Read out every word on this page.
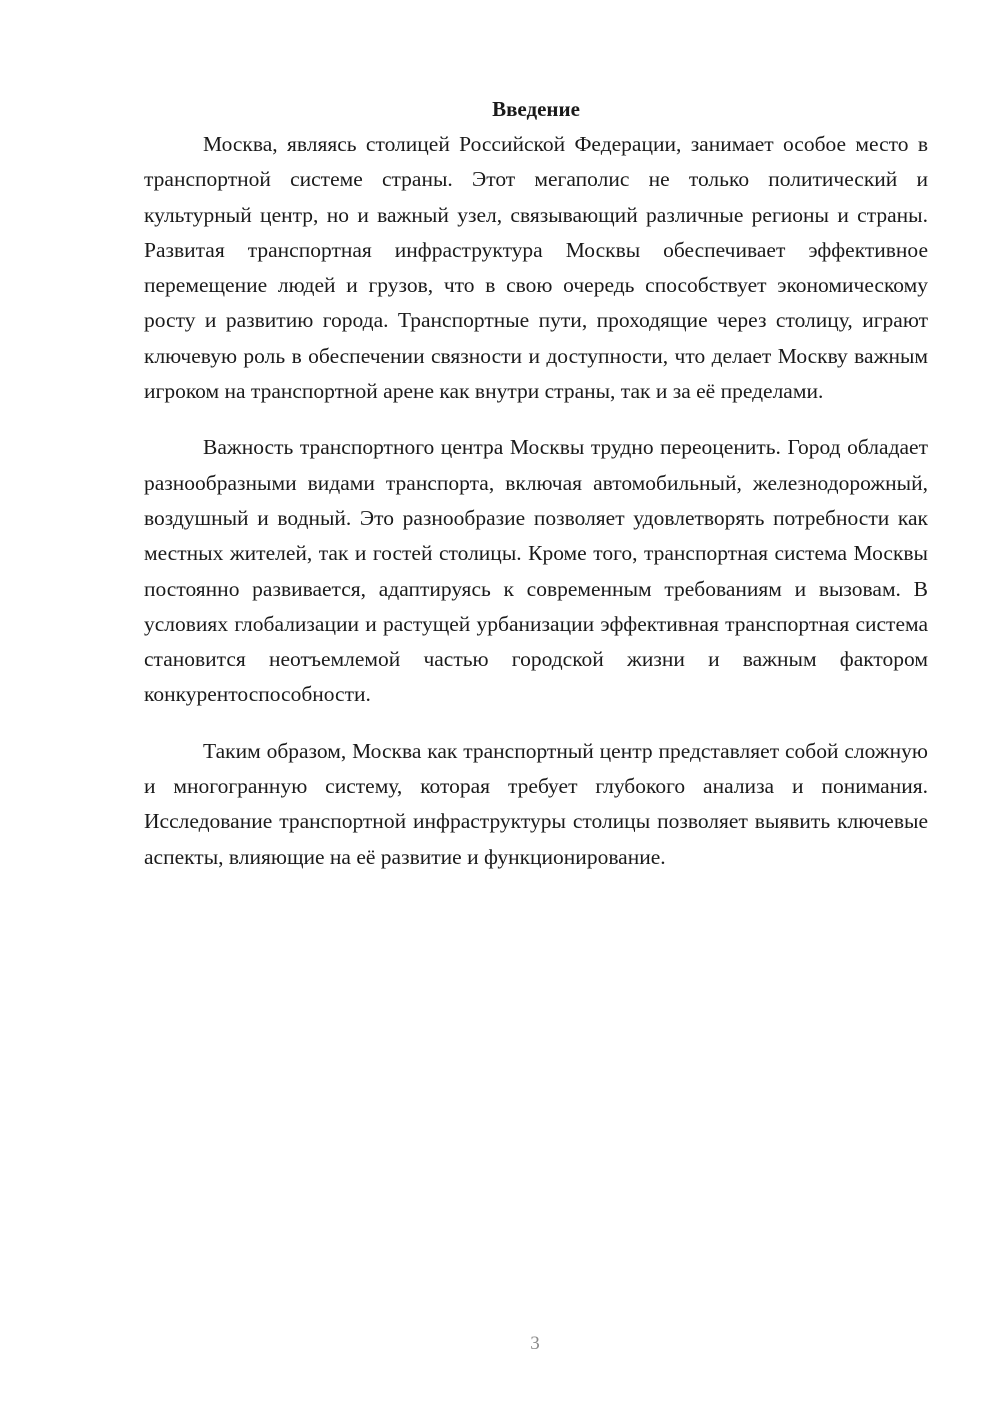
Введение

Москва, являясь столицей Российской Федерации, занимает особое место в транспортной системе страны. Этот мегаполис не только политический и культурный центр, но и важный узел, связывающий различные регионы и страны. Развитая транспортная инфраструктура Москвы обеспечивает эффективное перемещение людей и грузов, что в свою очередь способствует экономическому росту и развитию города. Транспортные пути, проходящие через столицу, играют ключевую роль в обеспечении связности и доступности, что делает Москву важным игроком на транспортной арене как внутри страны, так и за её пределами.

Важность транспортного центра Москвы трудно переоценить. Город обладает разнообразными видами транспорта, включая автомобильный, железнодорожный, воздушный и водный. Это разнообразие позволяет удовлетворять потребности как местных жителей, так и гостей столицы. Кроме того, транспортная система Москвы постоянно развивается, адаптируясь к современным требованиям и вызовам. В условиях глобализации и растущей урбанизации эффективная транспортная система становится неотъемлемой частью городской жизни и важным фактором конкурентоспособности.

Таким образом, Москва как транспортный центр представляет собой сложную и многогранную систему, которая требует глубокого анализа и понимания. Исследование транспортной инфраструктуры столицы позволяет выявить ключевые аспекты, влияющие на её развитие и функционирование.

3
